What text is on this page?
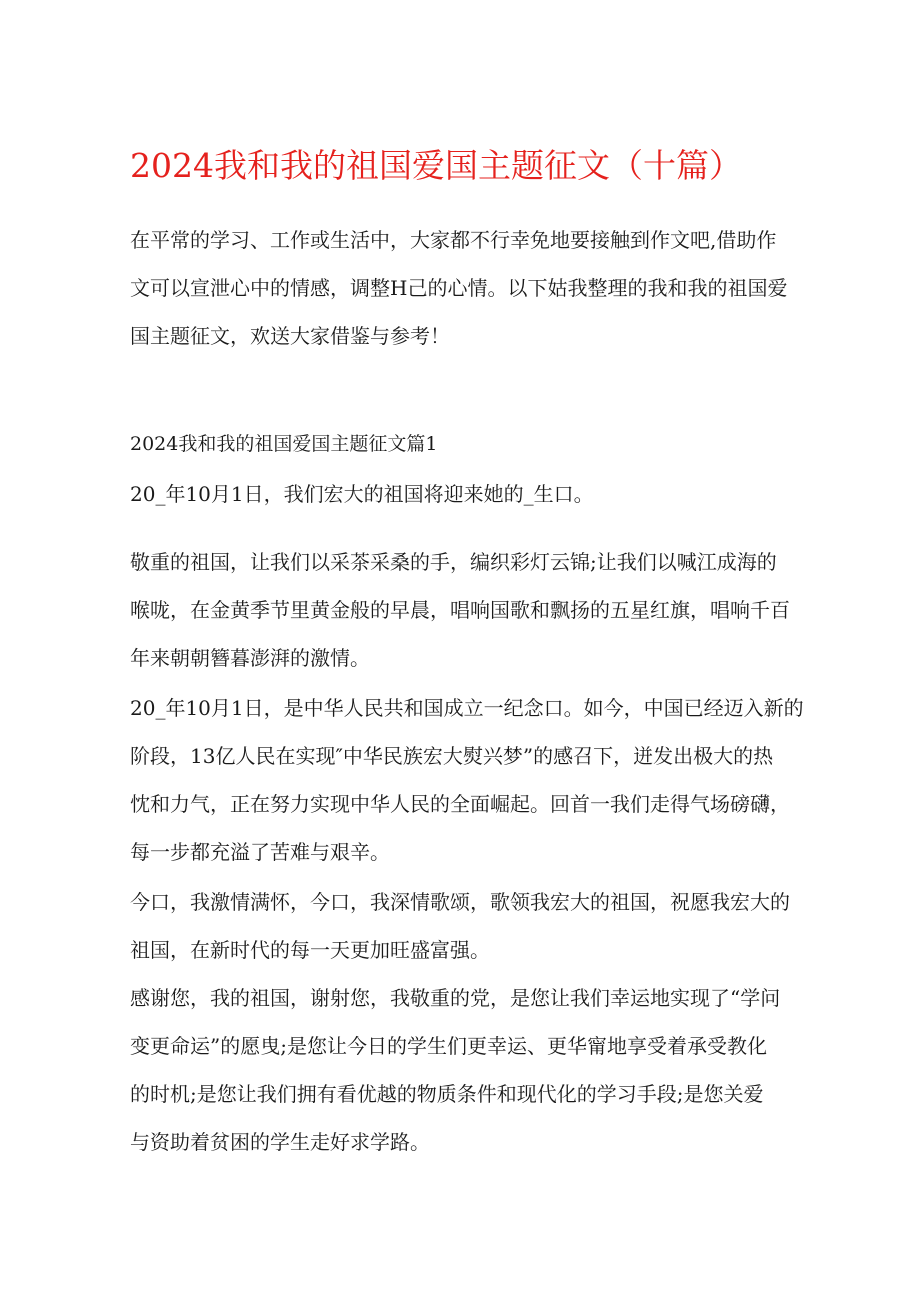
2024我和我的祖国爱国主题征文（十篇）
在平常的学习、工作或生活中，大家都不行幸免地要接触到作文吧,借助作
文可以宣泄心中的情感，调整H己的心情。以下姑我整理的我和我的祖国爱
国主题征文，欢送大家借鉴与参考！
2024我和我的祖国爱国主题征文篇1
20_年10月1日，我们宏大的祖国将迎来她的_生口。
敬重的祖国，让我们以采茶采桑的手，编织彩灯云锦;让我们以喊江成海的
喉咙，在金黄季节里黄金般的早晨，唱响国歌和飘扬的五星红旗，唱响千百
年来朝朝簪暮澎湃的激情。
20_年10月1日，是中华人民共和国成立一纪念口。如今，中国已经迈入新的
阶段，13亿人民在实现″中华民族宏大熨兴梦”的感召下，迸发出极大的热
忱和力气，正在努力实现中华人民的全面崛起。回首一我们走得气场磅礴，
每一步都充溢了苦难与艰辛。
今口，我激情满怀，今口，我深情歌颂，歌领我宏大的祖国，祝愿我宏大的
祖国，在新时代的每一天更加旺盛富强。
感谢您，我的祖国，谢射您，我敬重的党，是您让我们幸运地实现了“学问
变更命运”的愿曳;是您让今日的学生们更幸运、更华甯地享受着承受教化
的时机;是您让我们拥有看优越的物质条件和现代化的学习手段;是您关爱
与资助着贫困的学生走好求学路。
